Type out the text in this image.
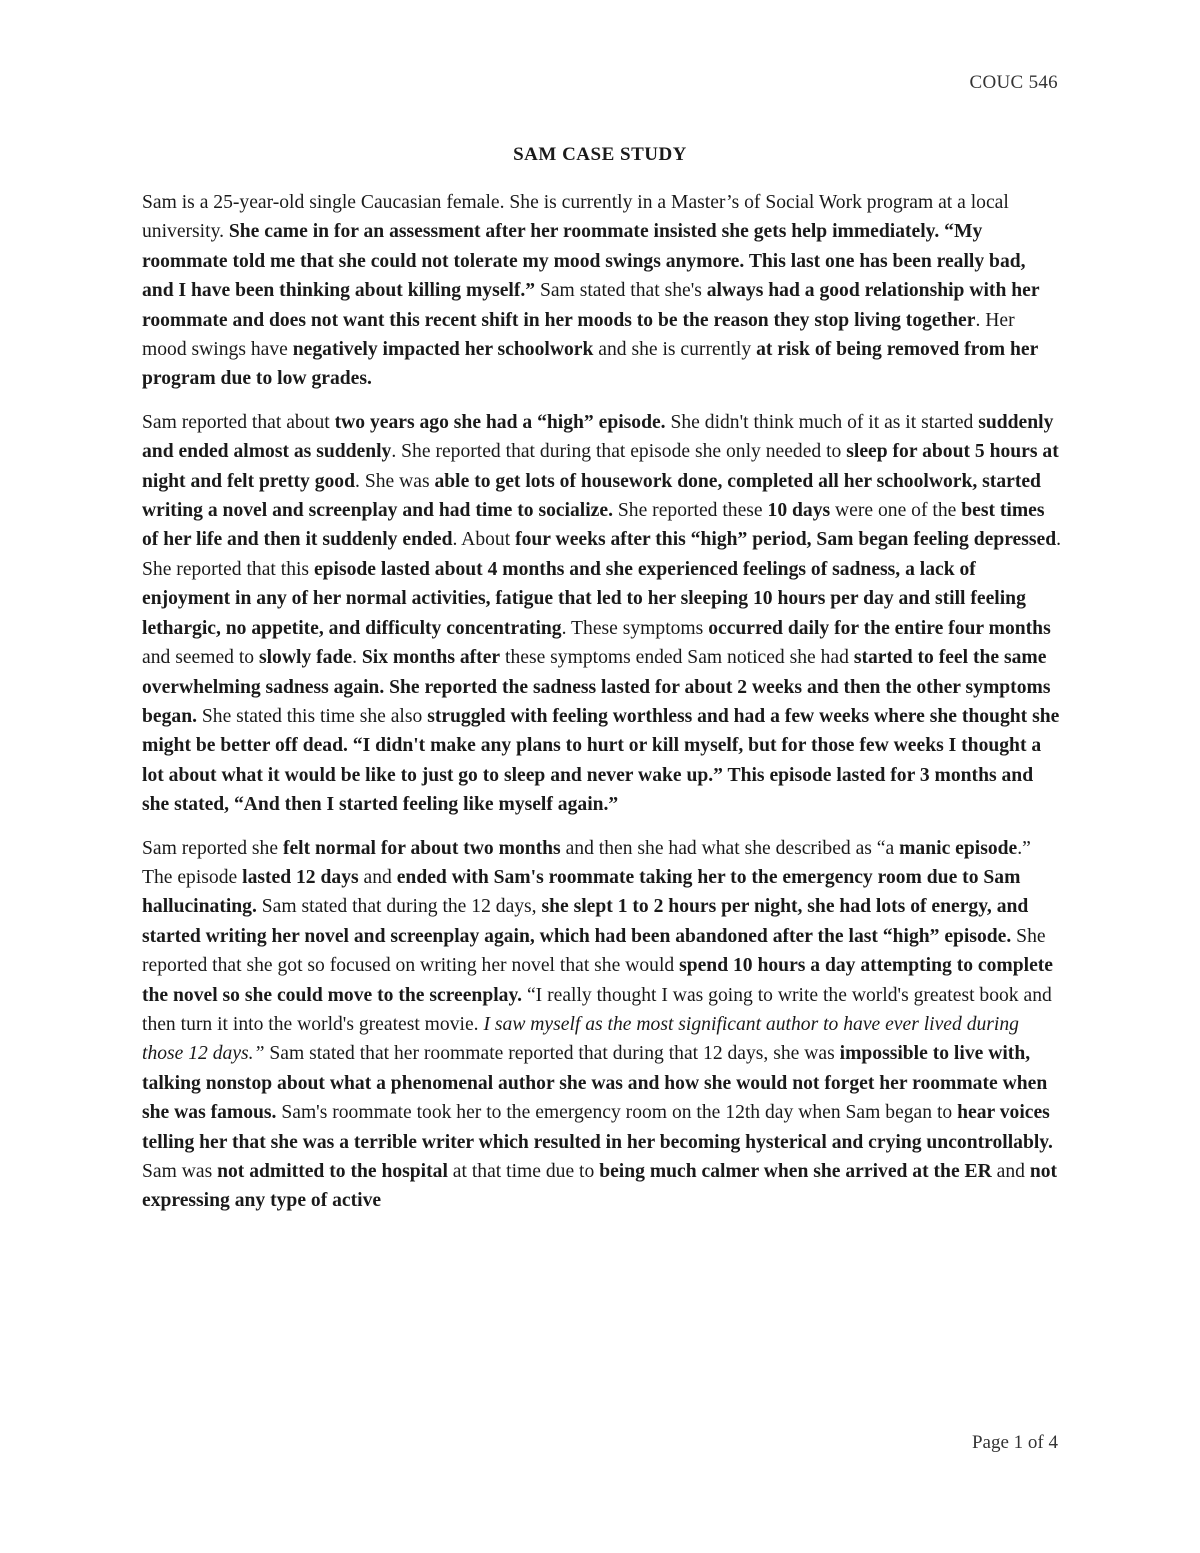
COUC 546
SAM CASE STUDY

Sam is a 25-year-old single Caucasian female. She is currently in a Master’s of Social Work program at a local university. She came in for an assessment after her roommate insisted she gets help immediately. “My roommate told me that she could not tolerate my mood swings anymore. This last one has been really bad, and I have been thinking about killing myself.” Sam stated that she's always had a good relationship with her roommate and does not want this recent shift in her moods to be the reason they stop living together. Her mood swings have negatively impacted her schoolwork and she is currently at risk of being removed from her program due to low grades.

Sam reported that about two years ago she had a “high” episode. She didn't think much of it as it started suddenly and ended almost as suddenly. She reported that during that episode she only needed to sleep for about 5 hours at night and felt pretty good. She was able to get lots of housework done, completed all her schoolwork, started writing a novel and screenplay and had time to socialize. She reported these 10 days were one of the best times of her life and then it suddenly ended. About four weeks after this “high” period, Sam began feeling depressed. She reported that this episode lasted about 4 months and she experienced feelings of sadness, a lack of enjoyment in any of her normal activities, fatigue that led to her sleeping 10 hours per day and still feeling lethargic, no appetite, and difficulty concentrating. These symptoms occurred daily for the entire four months and seemed to slowly fade. Six months after these symptoms ended Sam noticed she had started to feel the same overwhelming sadness again. She reported the sadness lasted for about 2 weeks and then the other symptoms began. She stated this time she also struggled with feeling worthless and had a few weeks where she thought she might be better off dead. “I didn't make any plans to hurt or kill myself, but for those few weeks I thought a lot about what it would be like to just go to sleep and never wake up.” This episode lasted for 3 months and she stated, “And then I started feeling like myself again.”

Sam reported she felt normal for about two months and then she had what she described as “a manic episode.” The episode lasted 12 days and ended with Sam's roommate taking her to the emergency room due to Sam hallucinating. Sam stated that during the 12 days, she slept 1 to 2 hours per night, she had lots of energy, and started writing her novel and screenplay again, which had been abandoned after the last “high” episode. She reported that she got so focused on writing her novel that she would spend 10 hours a day attempting to complete the novel so she could move to the screenplay. “I really thought I was going to write the world's greatest book and then turn it into the world's greatest movie. I saw myself as the most significant author to have ever lived during those 12 days.” Sam stated that her roommate reported that during that 12 days, she was impossible to live with, talking nonstop about what a phenomenal author she was and how she would not forget her roommate when she was famous. Sam's roommate took her to the emergency room on the 12th day when Sam began to hear voices telling her that she was a terrible writer which resulted in her becoming hysterical and crying uncontrollably. Sam was not admitted to the hospital at that time due to being much calmer when she arrived at the ER and not expressing any type of active

Page 1 of 4
